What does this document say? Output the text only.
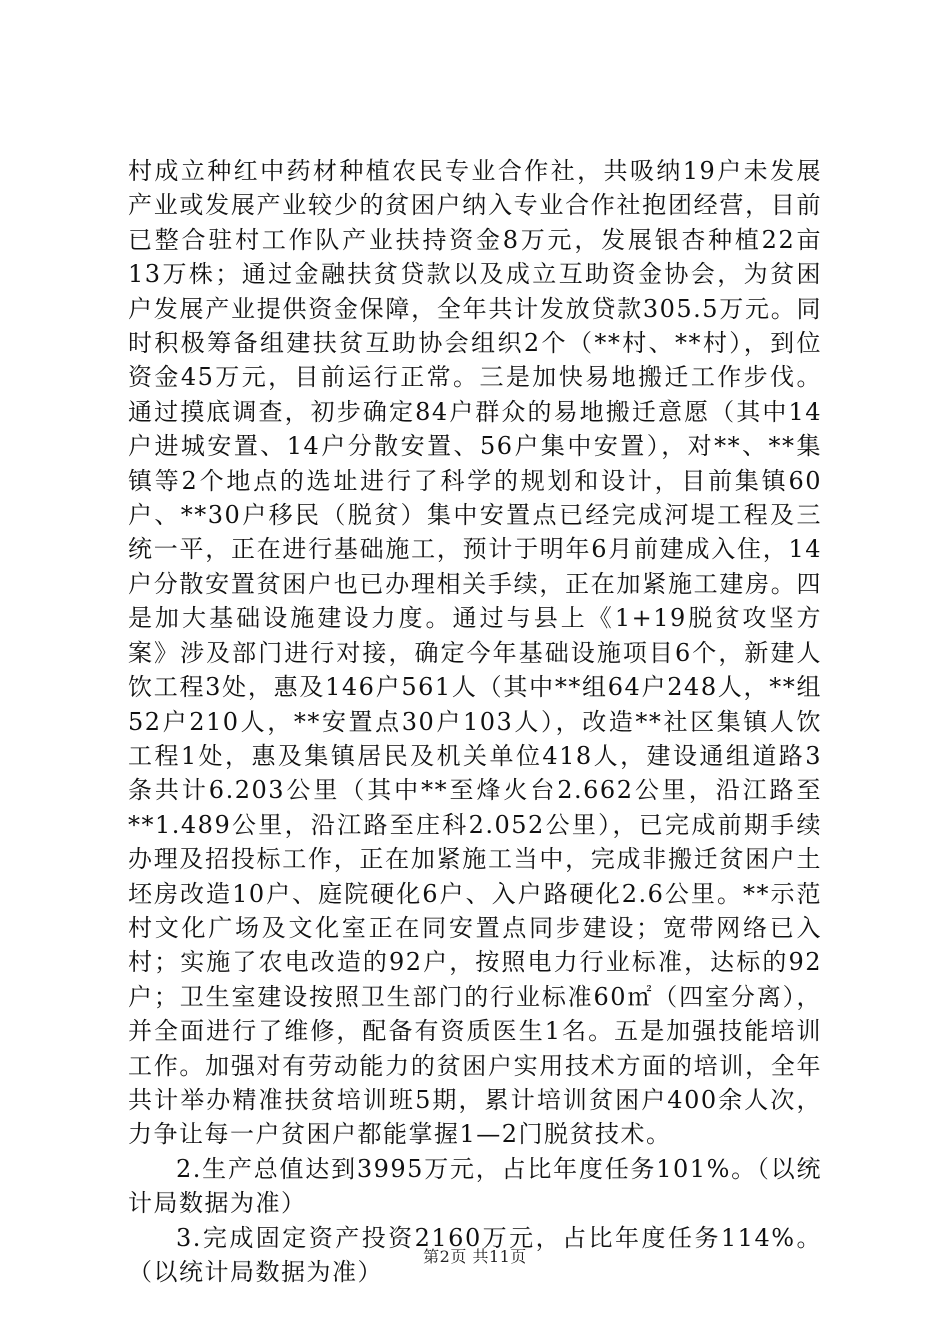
村成立种红中药材种植农民专业合作社，共吸纳19户未发展产业或发展产业较少的贫困户纳入专业合作社抱团经营，目前已整合驻村工作队产业扶持资金8万元，发展银杏种植22亩13万株；通过金融扶贫贷款以及成立互助资金协会，为贫困户发展产业提供资金保障，全年共计发放贷款305.5万元。同时积极筹备组建扶贫互助协会组织2个（**村、**村），到位资金45万元，目前运行正常。三是加快易地搬迁工作步伐。通过摸底调查，初步确定84户群众的易地搬迁意愿（其中14户进城安置、14户分散安置、56户集中安置），对**、**集镇等2个地点的选址进行了科学的规划和设计，目前集镇60户、**30户移民（脱贫）集中安置点已经完成河堤工程及三统一平，正在进行基础施工，预计于明年6月前建成入住，14户分散安置贫困户也已办理相关手续，正在加紧施工建房。四是加大基础设施建设力度。通过与县上《1+19脱贫攻坚方案》涉及部门进行对接，确定今年基础设施项目6个，新建人饮工程3处，惠及146户561人（其中**组64户248人，**组52户210人，**安置点30户103人），改造**社区集镇人饮工程1处，惠及集镇居民及机关单位418人，建设通组道路3条共计6.203公里（其中**至烽火台2.662公里，沿江路至**1.489公里，沿江路至庄科2.052公里），已完成前期手续办理及招投标工作，正在加紧施工当中，完成非搬迁贫困户土坯房改造10户、庭院硬化6户、入户路硬化2.6公里。**示范村文化广场及文化室正在同安置点同步建设；宽带网络已入村；实施了农电改造的92户，按照电力行业标准，达标的92户；卫生室建设按照卫生部门的行业标准60㎡（四室分离），并全面进行了维修，配备有资质医生1名。五是加强技能培训工作。加强对有劳动能力的贫困户实用技术方面的培训，全年共计举办精准扶贫培训班5期，累计培训贫困户400余人次，力争让每一户贫困户都能掌握1—2门脱贫技术。

2.生产总值达到3995万元，占比年度任务101%。（以统计局数据为准）

3.完成固定资产投资2160万元，占比年度任务114%。（以统计局数据为准）

第2页 共11页
